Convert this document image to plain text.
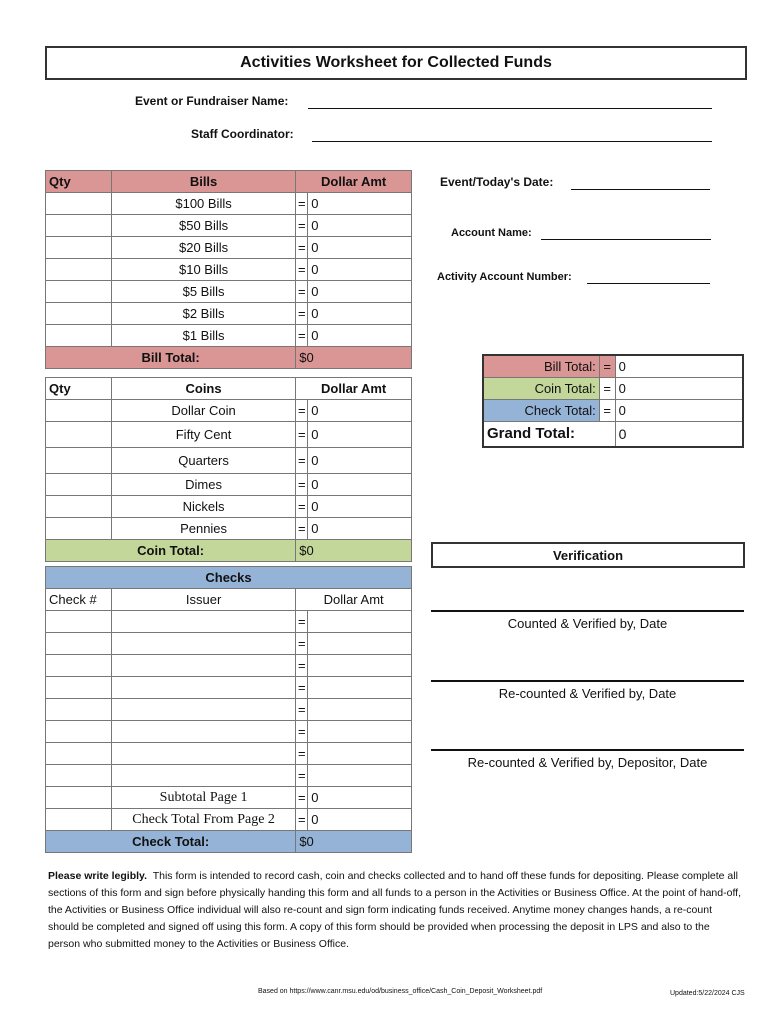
Activities Worksheet for Collected Funds
Event or Fundraiser Name:
Staff Coordinator:
Event/Today's Date:
Account Name:
Activity Account Number:
Qty	Bills	Dollar Amt	
	$100 Bills	=	0
	$50 Bills	=	0
	$20 Bills	=	0
	$10 Bills	=	0
	$5 Bills	=	0
	$2 Bills	=	0
	$1 Bills	=	0
Bill Total:		$0	
Qty	Coins	Dollar Amt	
	Dollar Coin	=	0
	Fifty Cent	=	0
	Quarters	=	0
	Dimes	=	0
	Nickels	=	0
	Pennies	=	0
Coin Total:		$0	
Checks			
Check #	Issuer	Dollar Amt	
		=	
		=	
		=	
		=	
		=	
		=	
		=	
		=	
	Subtotal Page 1	=	0
	Check Total From Page 2	=	0
Check Total:		$0	
Bill Total:	=	0
Coin Total:	=	0
Check Total:	=	0
Grand Total:		0
Verification
Counted & Verified by, Date
Re-counted & Verified by, Date
Re-counted & Verified by, Depositor, Date
Please write legibly. This form is intended to record cash, coin and checks collected and to hand off these funds for depositing. Please complete all sections of this form and sign before physically handing this form and all funds to a person in the Activities or Business Office. At the point of hand-off, the Activities or Business Office individual will also re-count and sign form indicating funds received. Anytime money changes hands, a re-count should be completed and signed off using this form. A copy of this form should be provided when processing the deposit in LPS and also to the person who submitted money to the Activities or Business Office.
Based on https://www.canr.msu.edu/od/business_office/Cash_Coin_Deposit_Worksheet.pdf	Updated:5/22/2024 CJS
